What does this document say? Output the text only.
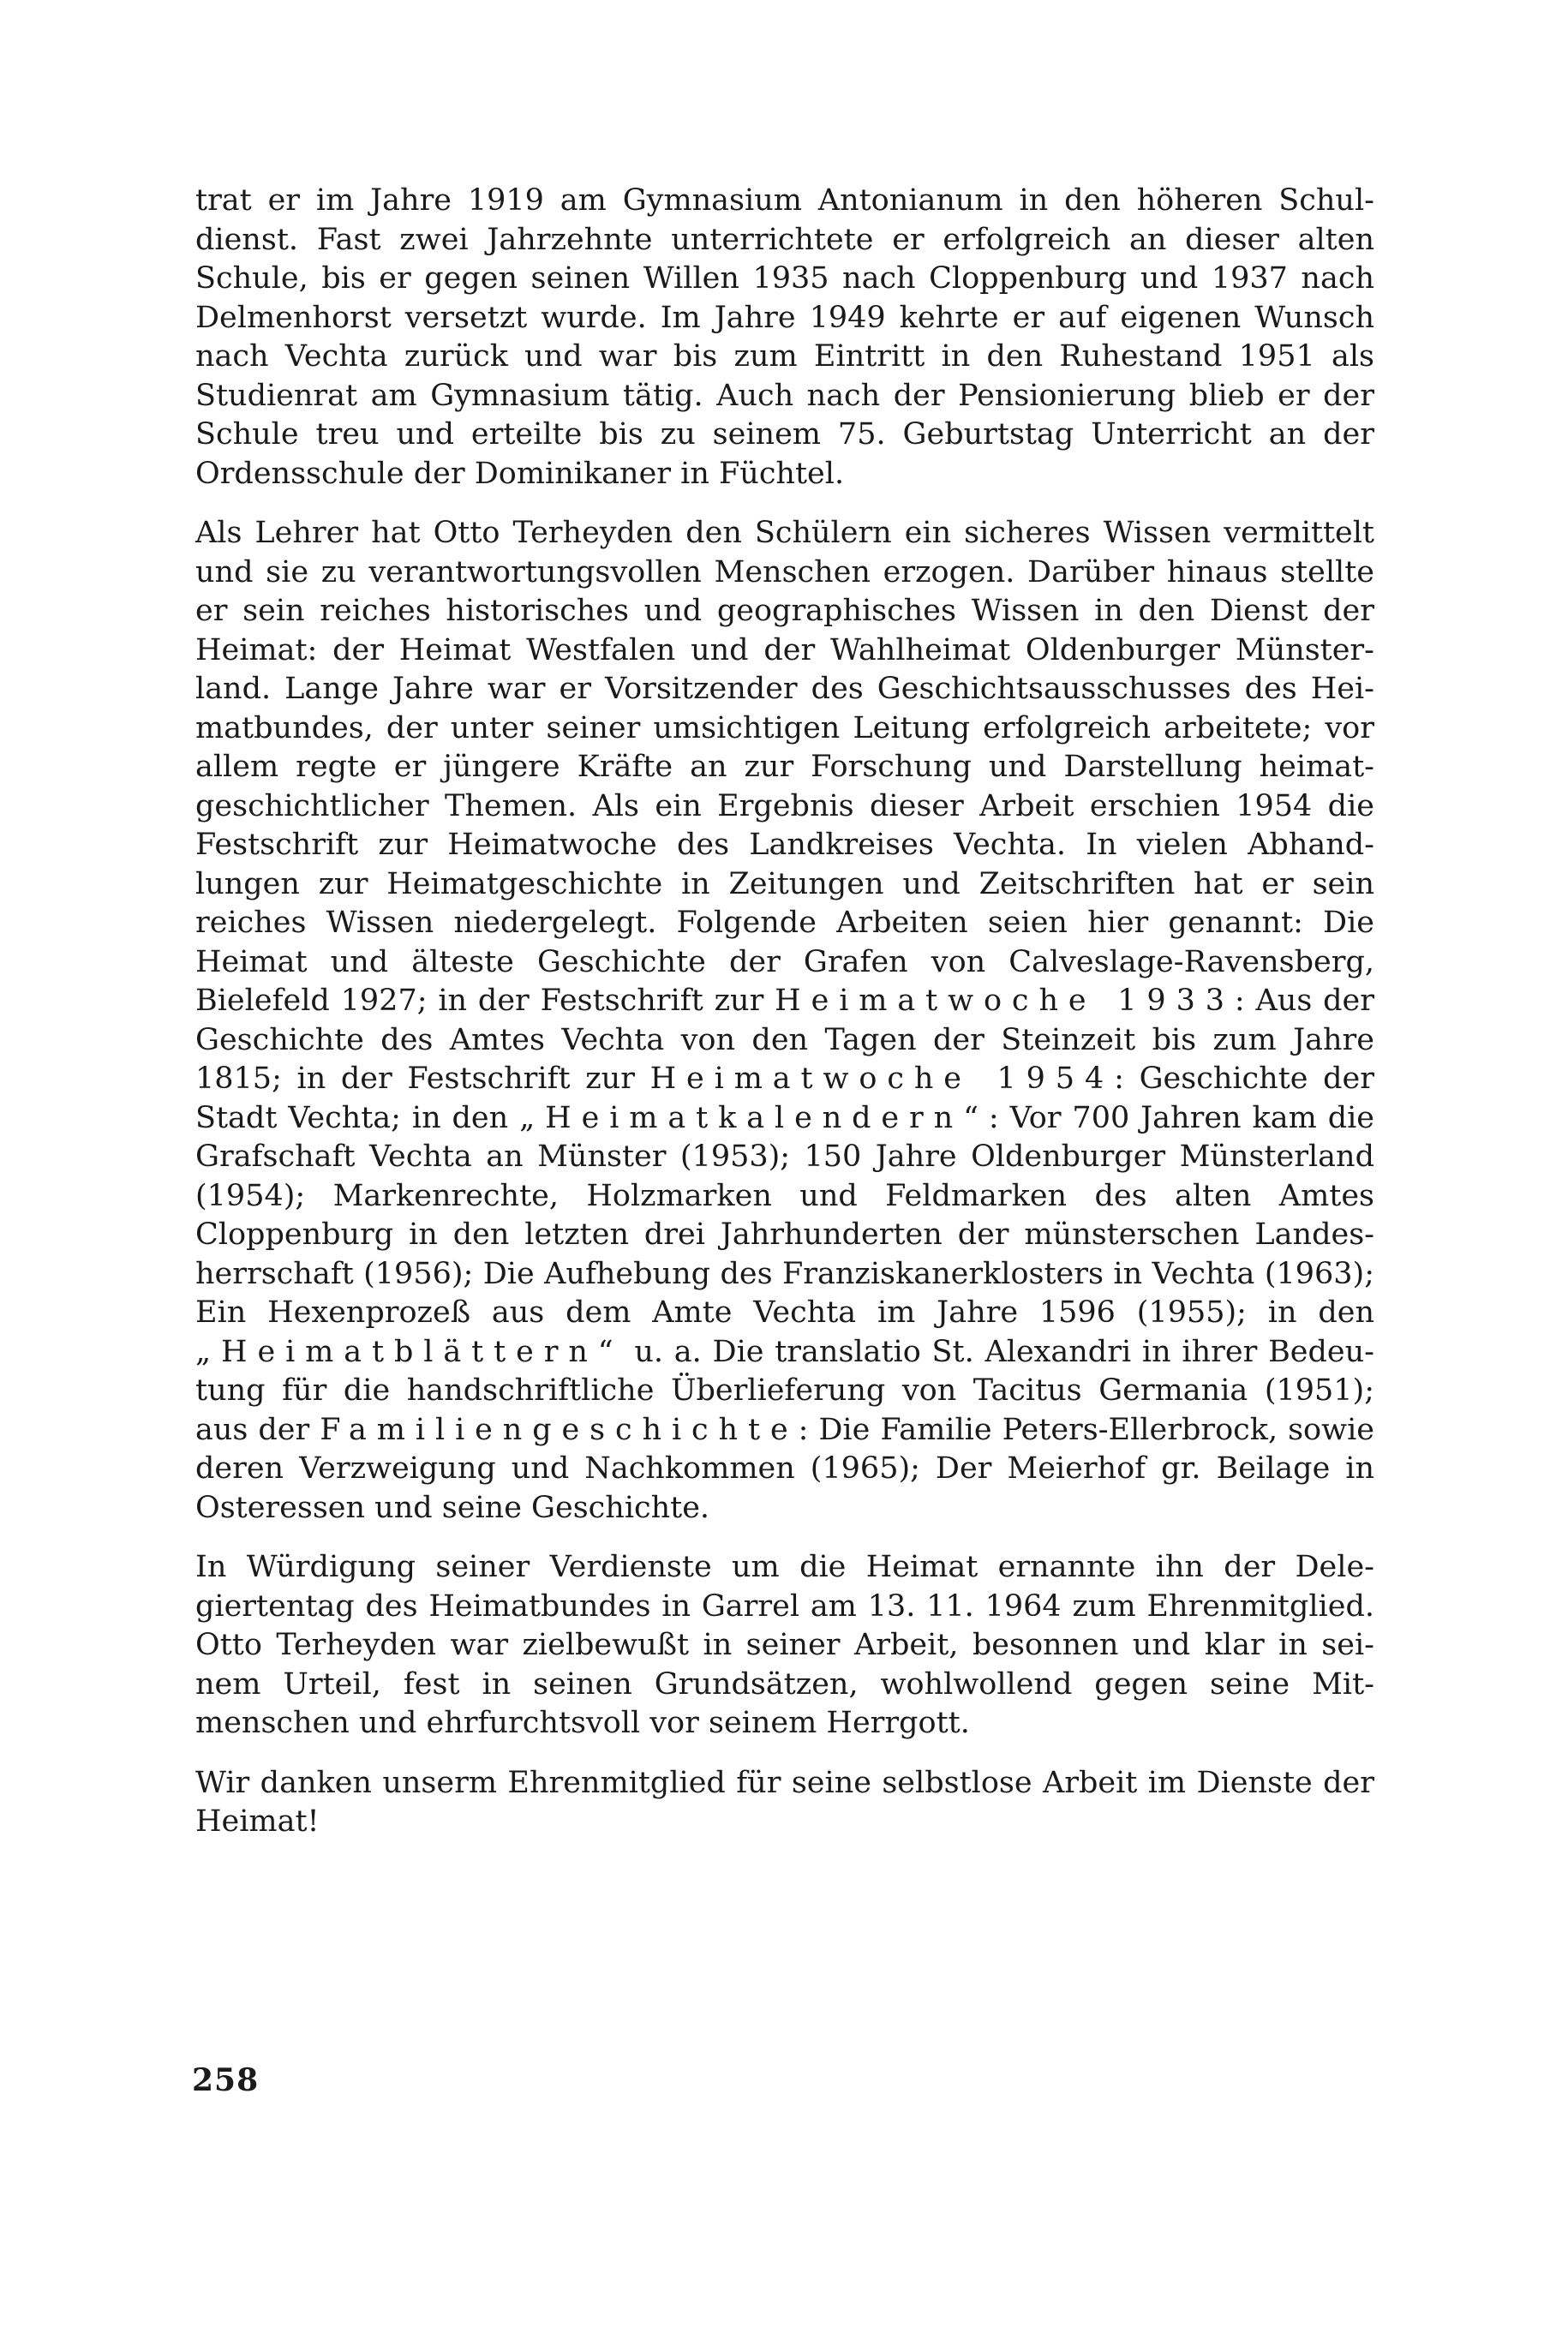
trat er im Jahre 1919 am Gymnasium Antonianum in den höheren Schuldienst. Fast zwei Jahrzehnte unterrichtete er erfolgreich an dieser alten Schule, bis er gegen seinen Willen 1935 nach Cloppenburg und 1937 nach Delmenhorst versetzt wurde. Im Jahre 1949 kehrte er auf eigenen Wunsch nach Vechta zurück und war bis zum Eintritt in den Ruhestand 1951 als Studienrat am Gymnasium tätig. Auch nach der Pensionierung blieb er der Schule treu und erteilte bis zu seinem 75. Geburtstag Unterricht an der Ordensschule der Dominikaner in Füchtel.

Als Lehrer hat Otto Terheyden den Schülern ein sicheres Wissen vermittelt und sie zu verantwortungsvollen Menschen erzogen. Darüber hinaus stellte er sein reiches historisches und geographisches Wissen in den Dienst der Heimat: der Heimat Westfalen und der Wahlheimat Oldenburger Münsterland. Lange Jahre war er Vorsitzender des Geschichtsausschusses des Heimatbundes, der unter seiner umsichtigen Leitung erfolgreich arbeitete; vor allem regte er jüngere Kräfte an zur Forschung und Darstellung heimatgeschichtlicher Themen. Als ein Ergebnis dieser Arbeit erschien 1954 die Festschrift zur Heimatwoche des Landkreises Vechta. In vielen Abhandlungen zur Heimatgeschichte in Zeitungen und Zeitschriften hat er sein reiches Wissen niedergelegt. Folgende Arbeiten seien hier genannt: Die Heimat und älteste Geschichte der Grafen von Calveslage-Ravensberg, Bielefeld 1927; in der Festschrift zur Heimatwoche 1933: Aus der Geschichte des Amtes Vechta von den Tagen der Steinzeit bis zum Jahre 1815; in der Festschrift zur Heimatwoche 1954: Geschichte der Stadt Vechta; in den „Heimatkalendern“: Vor 700 Jahren kam die Grafschaft Vechta an Münster (1953); 150 Jahre Oldenburger Münsterland (1954); Markenrechte, Holzmarken und Feldmarken des alten Amtes Cloppenburg in den letzten drei Jahrhunderten der münsterschen Landesherrschaft (1956); Die Aufhebung des Franziskanerklosters in Vechta (1963); Ein Hexenprozeß aus dem Amte Vechta im Jahre 1596 (1955); in den „Heimatblättern“ u. a. Die translatio St. Alexandri in ihrer Bedeutung für die handschriftliche Überlieferung von Tacitus Germania (1951); aus der Familiengeschichte: Die Familie Peters-Ellerbrock, sowie deren Verzweigung und Nachkommen (1965); Der Meierhof gr. Beilage in Osteressen und seine Geschichte.

In Würdigung seiner Verdienste um die Heimat ernannte ihn der Delegiertentag des Heimatbundes in Garrel am 13. 11. 1964 zum Ehrenmitglied. Otto Terheyden war zielbewußt in seiner Arbeit, besonnen und klar in seinem Urteil, fest in seinen Grundsätzen, wohlwollend gegen seine Mitmenschen und ehrfurchtsvoll vor seinem Herrgott.

Wir danken unserm Ehrenmitglied für seine selbstlose Arbeit im Dienste der Heimat!

258
